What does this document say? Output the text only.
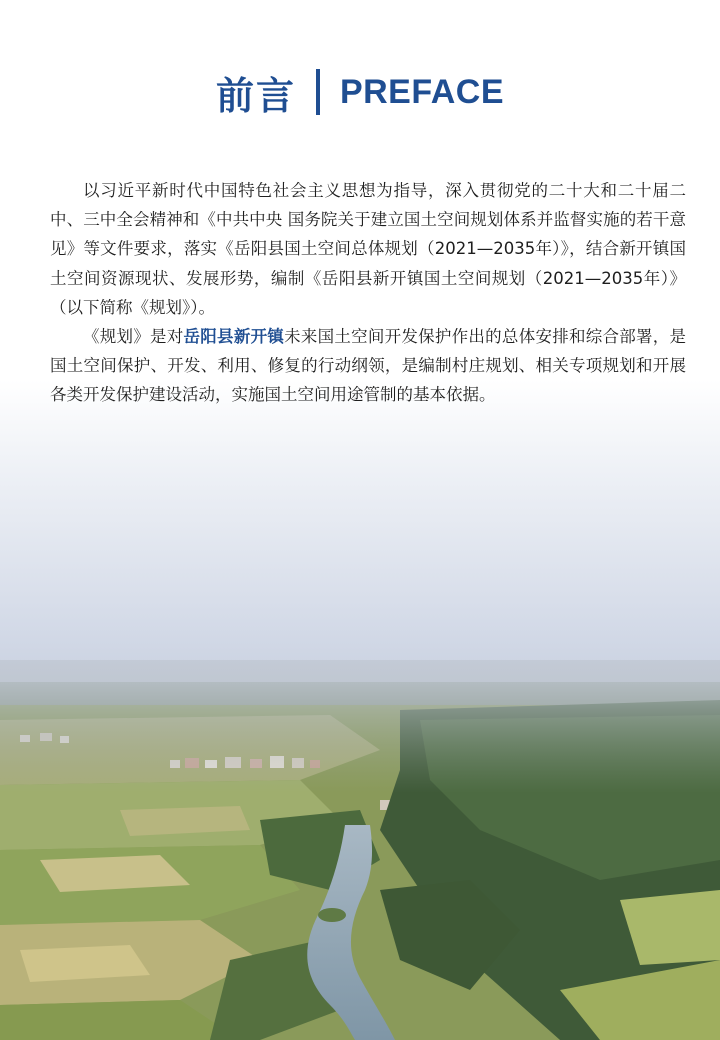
前言 PREFACE

以习近平新时代中国特色社会主义思想为指导，深入贯彻党的二十大和二十届二中、三中全会精神和《中共中央 国务院关于建立国土空间规划体系并监督实施的若干意见》等文件要求，落实《岳阳县国土空间总体规划（2021—2035年）》，结合新开镇国土空间资源现状、发展形势，编制《岳阳县新开镇国土空间规划（2021—2035年）》（以下简称《规划》）。

《规划》是对岳阳县新开镇未来国土空间开发保护作出的总体安排和综合部署，是国土空间保护、开发、利用、修复的行动纲领，是编制村庄规划、相关专项规划和开展各类开发保护建设活动，实施国土空间用途管制的基本依据。
